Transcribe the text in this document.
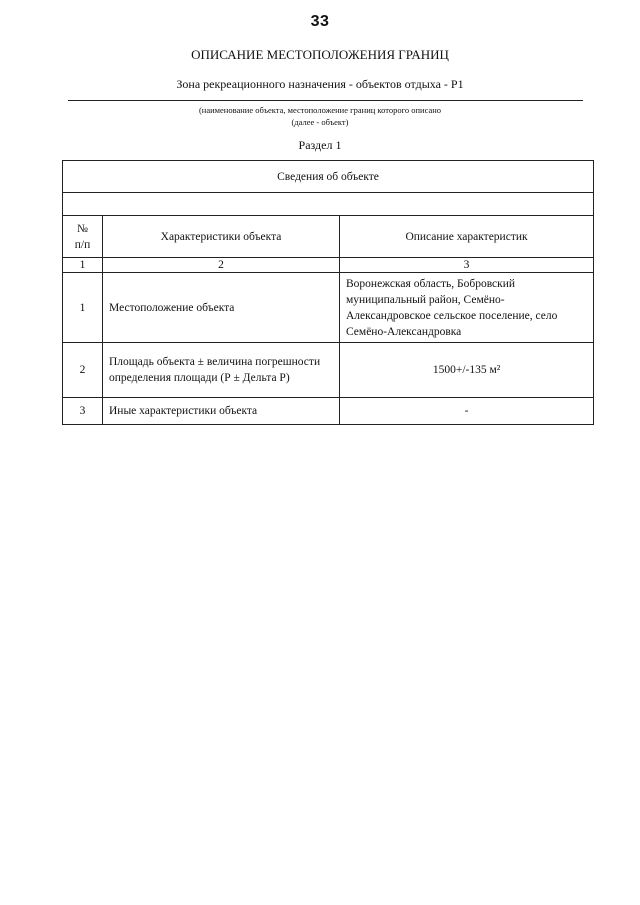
33
ОПИСАНИЕ МЕСТОПОЛОЖЕНИЯ ГРАНИЦ
Зона рекреационного назначения - объектов отдыха - Р1
(наименование объекта, местоположение границ которого описано
(далее - объект)
Раздел 1
Сведения об объекте		

№
п/п	Характеристики объекта	Описание характеристик
1	2	3
1	Местоположение объекта	Воронежская область, Бобровский муниципальный район, Семёно-Александровское сельское поселение, село Семёно-Александровка
2	Площадь объекта ± величина погрешности определения площади (Р ± Дельта Р)	1500+/-135 м²
3	Иные характеристики объекта	-
